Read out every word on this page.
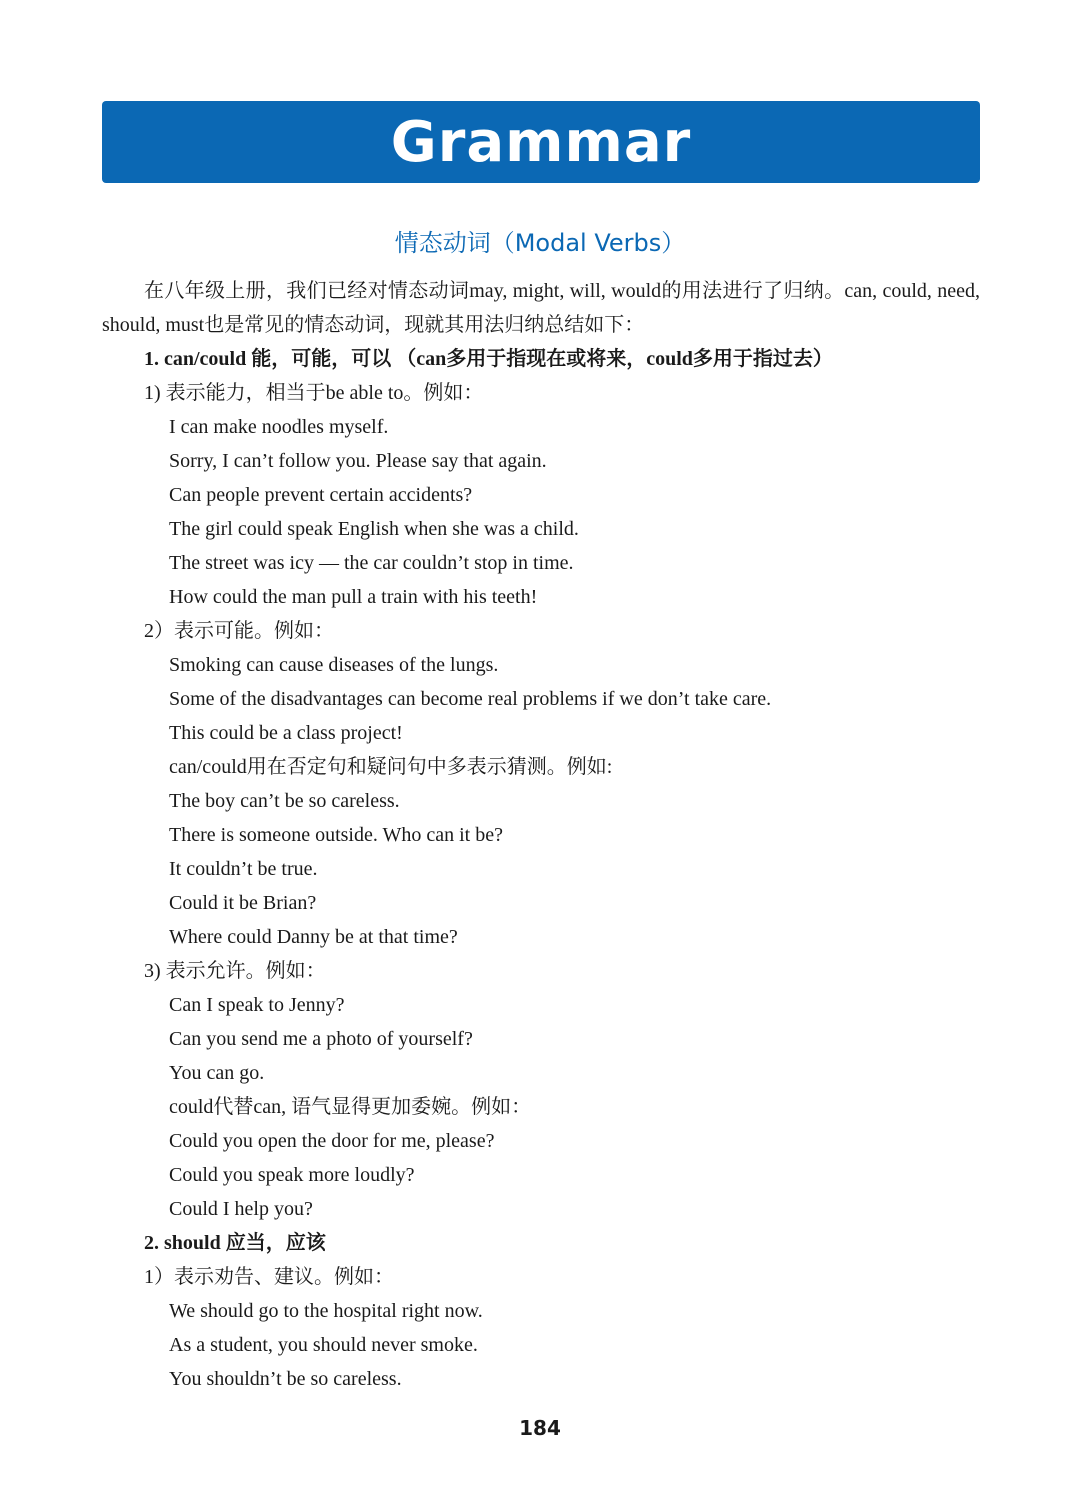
Grammar
情态动词（Modal Verbs）

在八年级上册，我们已经对情态动词may, might, will, would的用法进行了归纳。can, could, need, should, must也是常见的情态动词，现就其用法归纳总结如下：

1. can/could 能，可能，可以 （can多用于指现在或将来，could多用于指过去）

1) 表示能力，相当于be able to。例如：

I can make noodles myself.

Sorry, I can’t follow you. Please say that again.

Can people prevent certain accidents?

The girl could speak English when she was a child.

The street was icy — the car couldn’t stop in time.

How could the man pull a train with his teeth!

2）表示可能。例如：

Smoking can cause diseases of the lungs.

Some of the disadvantages can become real problems if we don’t take care.

This could be a class project!

can/could用在否定句和疑问句中多表示猜测。例如:

The boy can’t be so careless.

There is someone outside. Who can it be?

It couldn’t be true.

Could it be Brian?

Where could Danny be at that time?

3) 表示允许。例如：

Can I speak to Jenny?

Can you send me a photo of yourself?

You can go.

could代替can, 语气显得更加委婉。例如：

Could you open the door for me, please?

Could you speak more loudly?

Could I help you?

2. should 应当，应该

1）表示劝告、建议。例如：

We should go to the hospital right now.

As a student, you should never smoke.

You shouldn’t be so careless.

184
